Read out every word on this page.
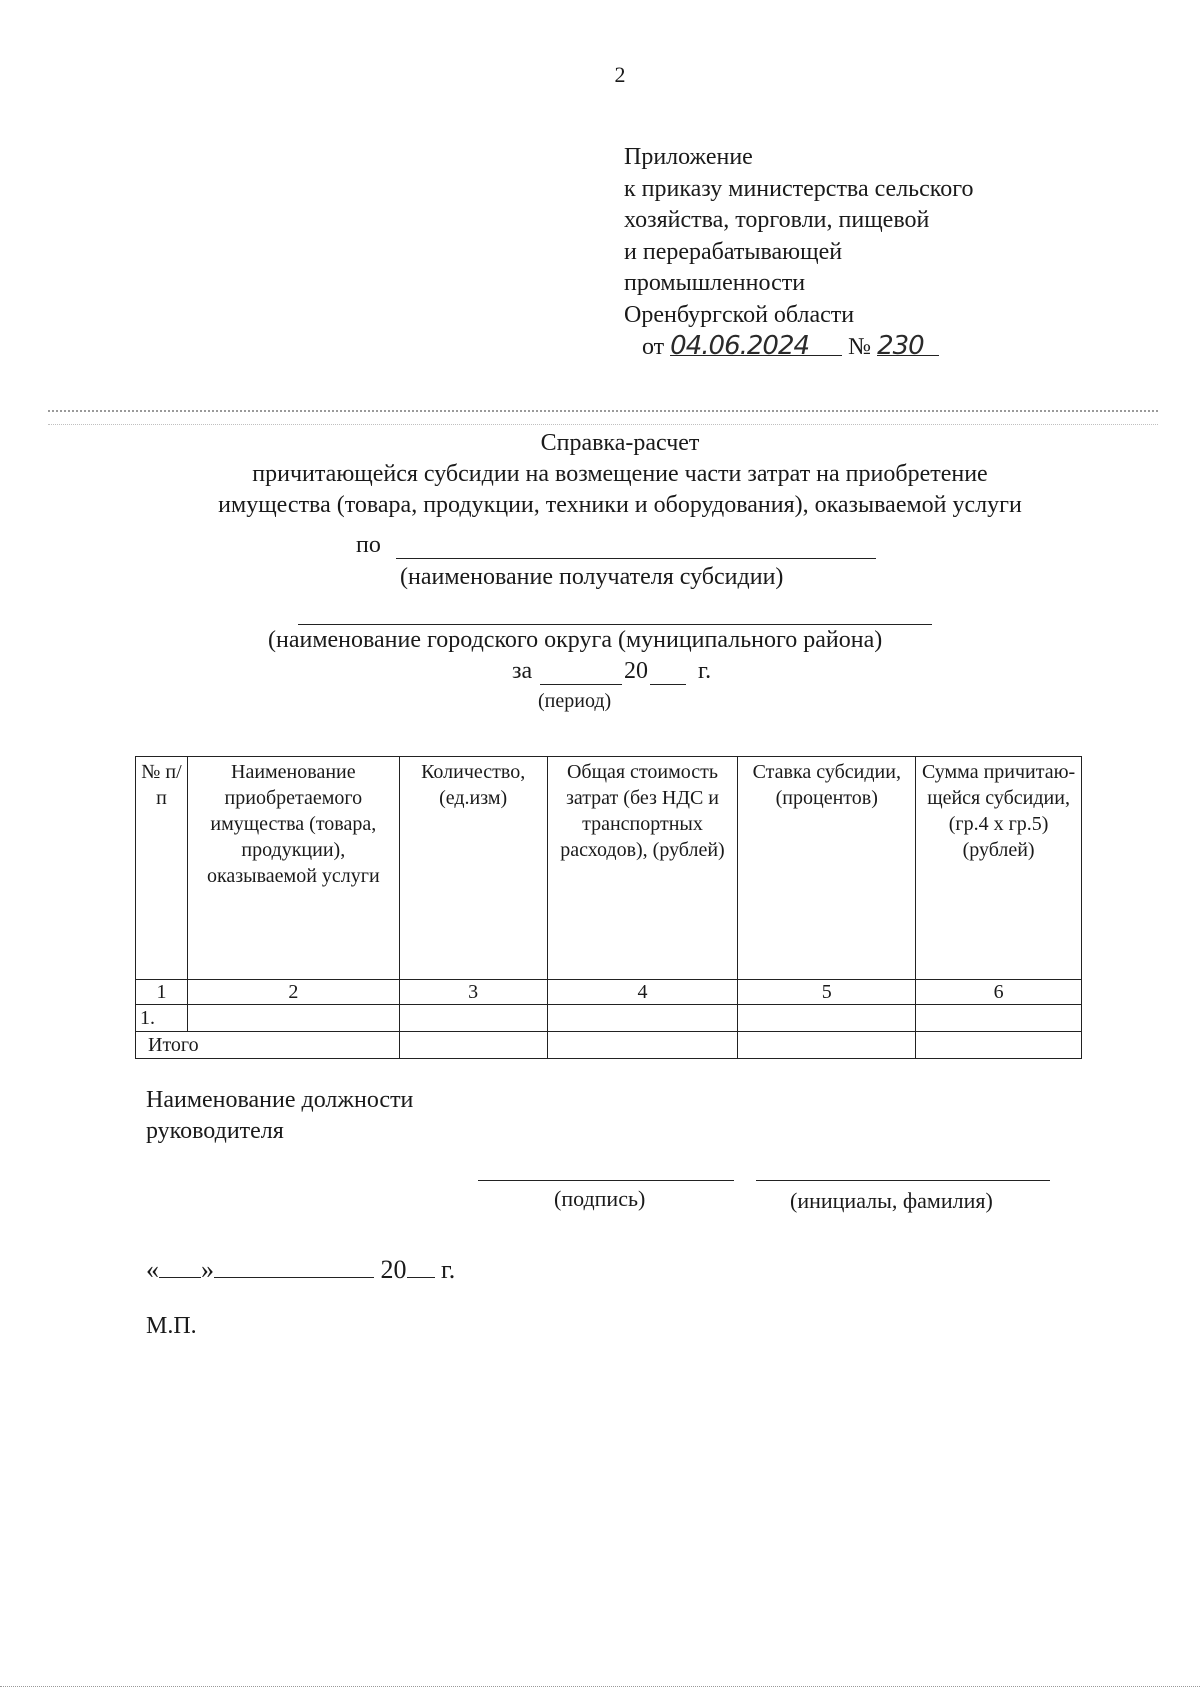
2
Приложение
к приказу министерства сельского
хозяйства, торговли, пищевой
и перерабатывающей
промышленности
Оренбургской области
от 04.06.2024 № 230
Справка-расчет
причитающейся субсидии на возмещение части затрат на приобретение
имущества (товара, продукции, техники и оборудования), оказываемой услуги
по
(наименование получателя субсидии)
(наименование городского округа (муниципального района)
за	20 г.
(период)
№ п/п	Наименование приобретаемого имущества (товара, продукции), оказываемой услуги	Количество, (ед.изм)	Общая стоимость затрат (без НДС и транспортных расходов), (рублей)	Ставка субсидии, (процентов)	Сумма причитаю-щейся субсидии, (гр.4 x гр.5) (рублей)
1	2	3	4	5	6
1.					
Итого					
Наименование должности
руководителя
(подпись)	(инициалы, фамилия)
« »	20 г.
М.П.
